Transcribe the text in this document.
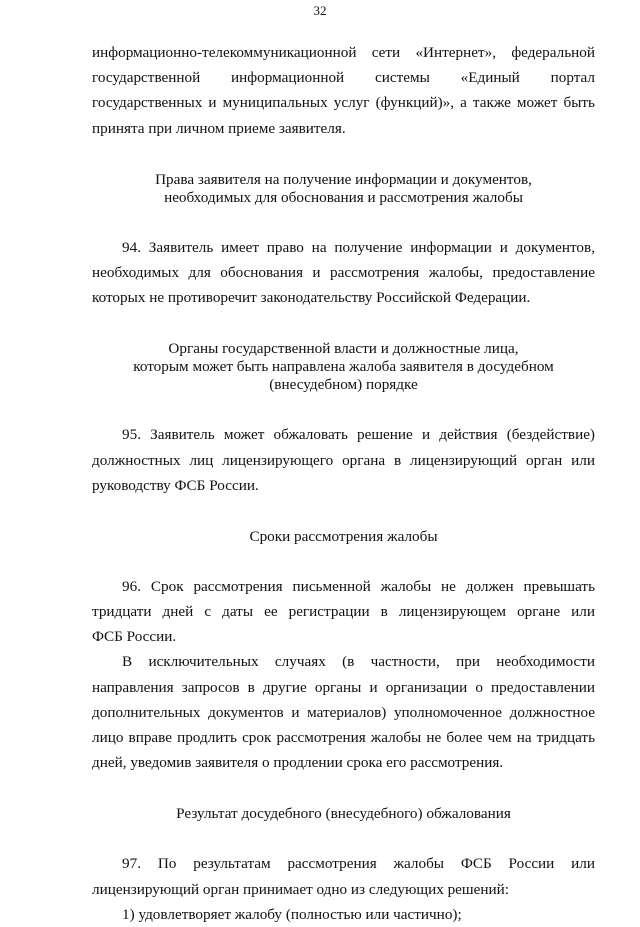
32
информационно-телекоммуникационной сети «Интернет», федеральной
государственной информационной системы «Единый портал
государственных и муниципальных услуг (функций)», а также может быть
принята при личном приеме заявителя.
Права заявителя на получение информации и документов,
необходимых для обоснования и рассмотрения жалобы
94. Заявитель имеет право на получение информации и документов,
необходимых для обоснования и рассмотрения жалобы, предоставление
которых не противоречит законодательству Российской Федерации.
Органы государственной власти и должностные лица,
которым может быть направлена жалоба заявителя в досудебном
(внесудебном) порядке
95. Заявитель может обжаловать решение и действия (бездействие)
должностных лиц лицензирующего органа в лицензирующий орган или
руководству ФСБ России.
Сроки рассмотрения жалобы
96. Срок рассмотрения письменной жалобы не должен превышать
тридцати дней с даты ее регистрации в лицензирующем органе или
ФСБ России.
В исключительных случаях (в частности, при необходимости
направления запросов в другие органы и организации о предоставлении
дополнительных документов и материалов) уполномоченное должностное
лицо вправе продлить срок рассмотрения жалобы не более чем на тридцать
дней, уведомив заявителя о продлении срока его рассмотрения.
Результат досудебного (внесудебного) обжалования
97. По результатам рассмотрения жалобы ФСБ России или
лицензирующий орган принимает одно из следующих решений:
1) удовлетворяет жалобу (полностью или частично);
